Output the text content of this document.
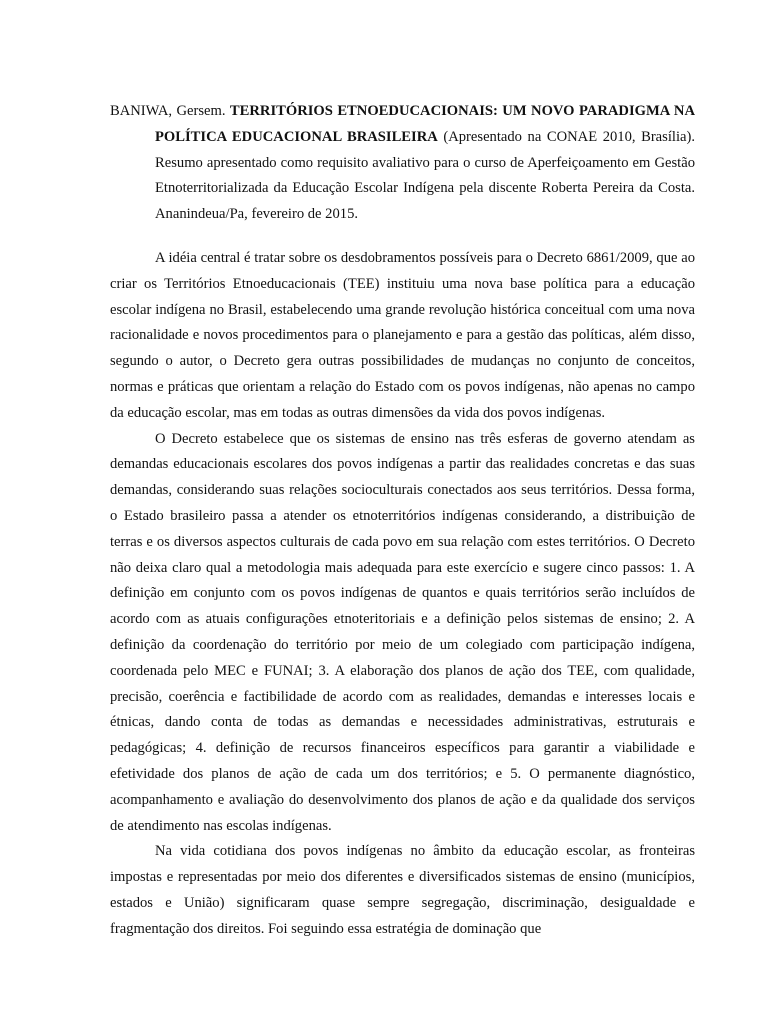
BANIWA, Gersem. TERRITÓRIOS ETNOEDUCACIONAIS: UM NOVO PARADIGMA NA POLÍTICA EDUCACIONAL BRASILEIRA (Apresentado na CONAE 2010, Brasília). Resumo apresentado como requisito avaliativo para o curso de Aperfeiçoamento em Gestão Etnoterritorializada da Educação Escolar Indígena pela discente Roberta Pereira da Costa. Ananindeua/Pa, fevereiro de 2015.

A idéia central é tratar sobre os desdobramentos possíveis para o Decreto 6861/2009, que ao criar os Territórios Etnoeducacionais (TEE) instituiu uma nova base política para a educação escolar indígena no Brasil, estabelecendo uma grande revolução histórica conceitual com uma nova racionalidade e novos procedimentos para o planejamento e para a gestão das políticas, além disso, segundo o autor, o Decreto gera outras possibilidades de mudanças no conjunto de conceitos, normas e práticas que orientam a relação do Estado com os povos indígenas, não apenas no campo da educação escolar, mas em todas as outras dimensões da vida dos povos indígenas.

O Decreto estabelece que os sistemas de ensino nas três esferas de governo atendam as demandas educacionais escolares dos povos indígenas a partir das realidades concretas e das suas demandas, considerando suas relações socioculturais conectados aos seus territórios. Dessa forma, o Estado brasileiro passa a atender os etnoterritórios indígenas considerando, a distribuição de terras e os diversos aspectos culturais de cada povo em sua relação com estes territórios. O Decreto não deixa claro qual a metodologia mais adequada para este exercício e sugere cinco passos: 1. A definição em conjunto com os povos indígenas de quantos e quais territórios serão incluídos de acordo com as atuais configurações etnoteritoriais e a definição pelos sistemas de ensino; 2. A definição da coordenação do território por meio de um colegiado com participação indígena, coordenada pelo MEC e FUNAI; 3. A elaboração dos planos de ação dos TEE, com qualidade, precisão, coerência e factibilidade de acordo com as realidades, demandas e interesses locais e étnicas, dando conta de todas as demandas e necessidades administrativas, estruturais e pedagógicas; 4. definição de recursos financeiros específicos para garantir a viabilidade e efetividade dos planos de ação de cada um dos territórios; e 5. O permanente diagnóstico, acompanhamento e avaliação do desenvolvimento dos planos de ação e da qualidade dos serviços de atendimento nas escolas indígenas.

Na vida cotidiana dos povos indígenas no âmbito da educação escolar, as fronteiras impostas e representadas por meio dos diferentes e diversificados sistemas de ensino (municípios, estados e União) significaram quase sempre segregação, discriminação, desigualdade e fragmentação dos direitos. Foi seguindo essa estratégia de dominação que
